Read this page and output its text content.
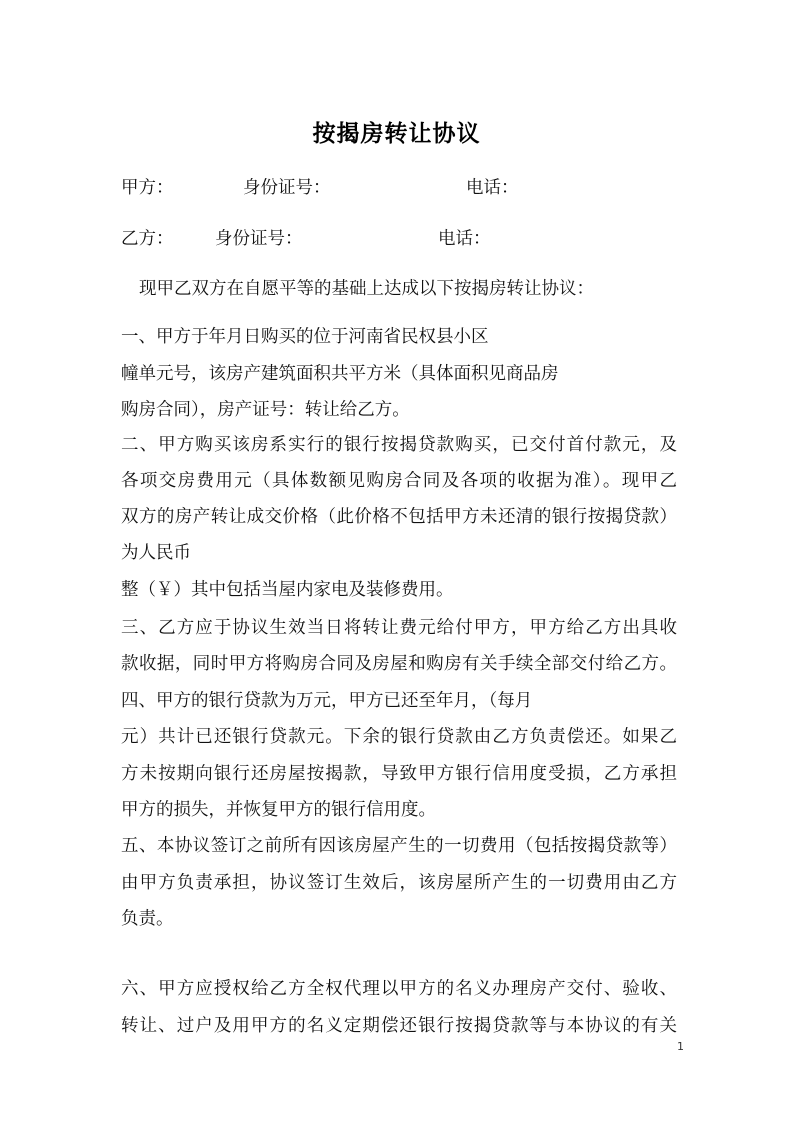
按揭房转让协议
甲方：	身份证号：	电话：
乙方： 身份证号：	电话：
现甲乙双方在自愿平等的基础上达成以下按揭房转让协议：
一、甲方于年月日购买的位于河南省民权县小区
幢单元号，该房产建筑面积共平方米（具体面积见商品房
购房合同），房产证号：转让给乙方。
二、甲方购买该房系实行的银行按揭贷款购买，已交付首付款元，及
各项交房费用元（具体数额见购房合同及各项的收据为准）。现甲乙
双方的房产转让成交价格（此价格不包括甲方未还清的银行按揭贷款）
为人民币
整（￥）其中包括当屋内家电及装修费用。
三、乙方应于协议生效当日将转让费元给付甲方，甲方给乙方出具收
款收据，同时甲方将购房合同及房屋和购房有关手续全部交付给乙方。
四、甲方的银行贷款为万元，甲方已还至年月，（每月
元）共计已还银行贷款元。下余的银行贷款由乙方负责偿还。如果乙
方未按期向银行还房屋按揭款，导致甲方银行信用度受损，乙方承担
甲方的损失，并恢复甲方的银行信用度。
五、本协议签订之前所有因该房屋产生的一切费用（包括按揭贷款等）
由甲方负责承担，协议签订生效后，该房屋所产生的一切费用由乙方
负责。
六、甲方应授权给乙方全权代理以甲方的名义办理房产交付、验收、
转让、过户及用甲方的名义定期偿还银行按揭贷款等与本协议的有关
1
